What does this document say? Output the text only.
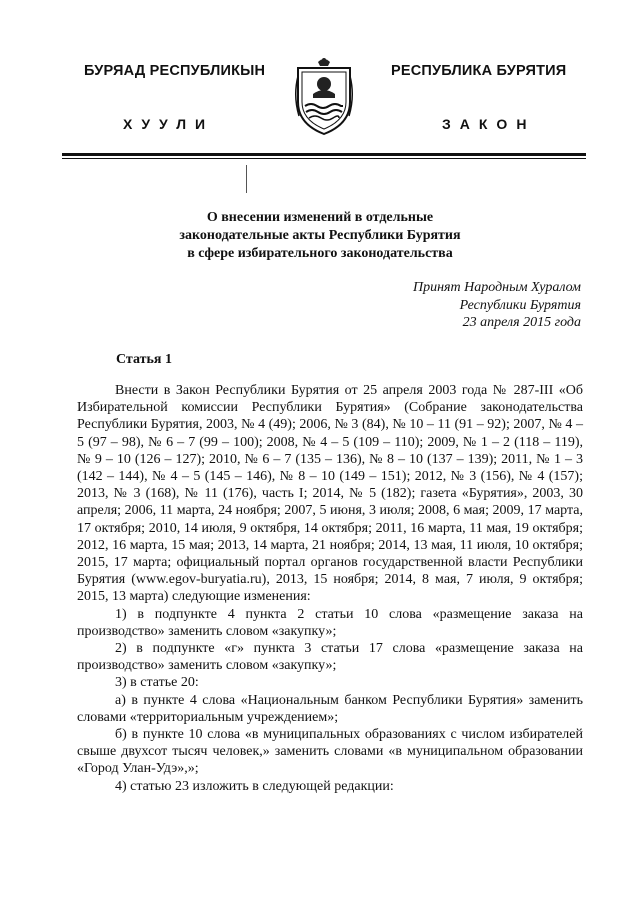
БУРЯАД РЕСПУБЛИКЫН	РЕСПУБЛИКА БУРЯТИЯ
ХУУЛИ	ЗАКОН
О внесении изменений в отдельные
законодательные акты Республики Бурятия
в сфере избирательного законодательства
Принят Народным Хуралом
Республики Бурятия
23 апреля 2015 года
Статья 1

Внести в Закон Республики Бурятия от 25 апреля 2003 года № 287-III «Об Избирательной комиссии Республики Бурятия» (Собрание законодательства Республики Бурятия, 2003, № 4 (49); 2006, № 3 (84), № 10 – 11 (91 – 92); 2007, № 4 – 5 (97 – 98), № 6 – 7 (99 – 100); 2008, № 4 – 5 (109 – 110); 2009, № 1 – 2 (118 – 119), № 9 – 10 (126 – 127); 2010, № 6 – 7 (135 – 136), № 8 – 10 (137 – 139); 2011, № 1 – 3 (142 – 144), № 4 – 5 (145 – 146), № 8 – 10 (149 – 151); 2012, № 3 (156), № 4 (157); 2013, № 3 (168), № 11 (176), часть I; 2014, № 5 (182); газета «Бурятия», 2003, 30 апреля; 2006, 11 марта, 24 ноября; 2007, 5 июня, 3 июля; 2008, 6 мая; 2009, 17 марта, 17 октября; 2010, 14 июля, 9 октября, 14 октября; 2011, 16 марта, 11 мая, 19 октября; 2012, 16 марта, 15 мая; 2013, 14 марта, 21 ноября; 2014, 13 мая, 11 июля, 10 октября; 2015, 17 марта; официальный портал органов государственной власти Республики Бурятия (www.egov-buryatia.ru), 2013, 15 ноября; 2014, 8 мая, 7 июля, 9 октября; 2015, 13 марта) следующие изменения:

1) в подпункте 4 пункта 2 статьи 10 слова «размещение заказа на производство» заменить словом «закупку»;

2) в подпункте «г» пункта 3 статьи 17 слова «размещение заказа на производство» заменить словом «закупку»;

3) в статье 20:

а) в пункте 4 слова «Национальным банком Республики Бурятия» заменить словами «территориальным учреждением»;

б) в пункте 10 слова «в муниципальных образованиях с числом избирателей свыше двухсот тысяч человек,» заменить словами «в муниципальном образовании «Город Улан-Удэ»,»;

4) статью 23 изложить в следующей редакции:
